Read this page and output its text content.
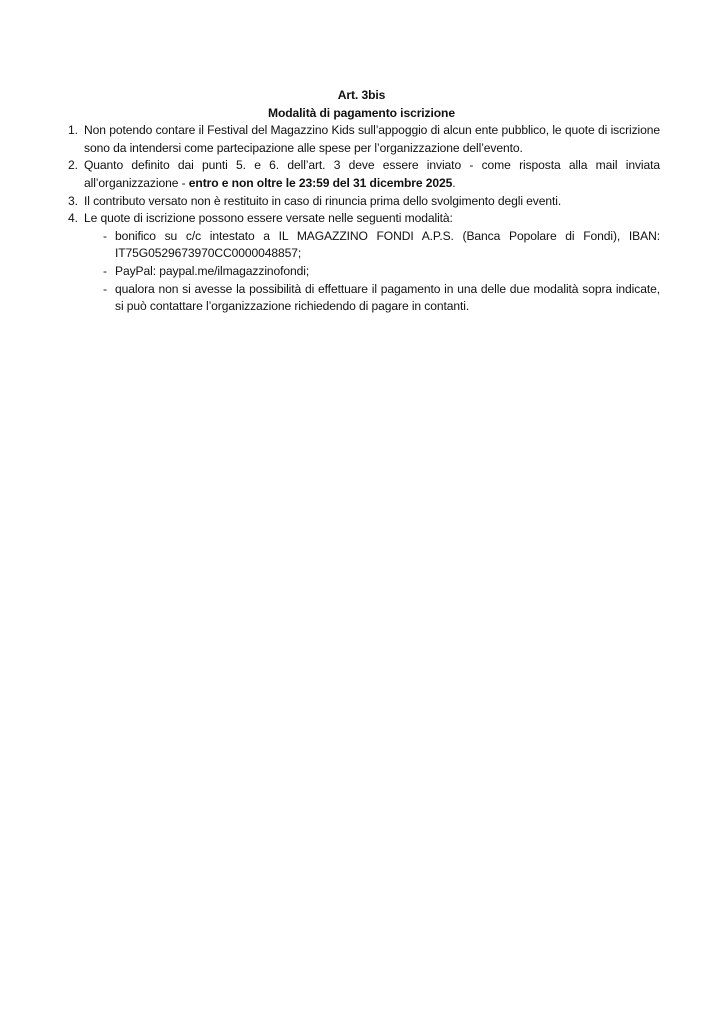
Art. 3bis
Modalità di pagamento iscrizione
1. Non potendo contare il Festival del Magazzino Kids sull’appoggio di alcun ente pubblico, le quote di iscrizione sono da intendersi come partecipazione alle spese per l’organizzazione dell’evento.
2. Quanto definito dai punti 5. e 6. dell’art. 3 deve essere inviato - come risposta alla mail inviata all’organizzazione - entro e non oltre le 23:59 del 31 dicembre 2025.
3. Il contributo versato non è restituito in caso di rinuncia prima dello svolgimento degli eventi.
4. Le quote di iscrizione possono essere versate nelle seguenti modalità:
- bonifico su c/c intestato a IL MAGAZZINO FONDI A.P.S. (Banca Popolare di Fondi), IBAN: IT75G0529673970CC0000048857;
- PayPal: paypal.me/ilmagazzinofondi;
- qualora non si avesse la possibilità di effettuare il pagamento in una delle due modalità sopra indicate, si può contattare l’organizzazione richiedendo di pagare in contanti.
